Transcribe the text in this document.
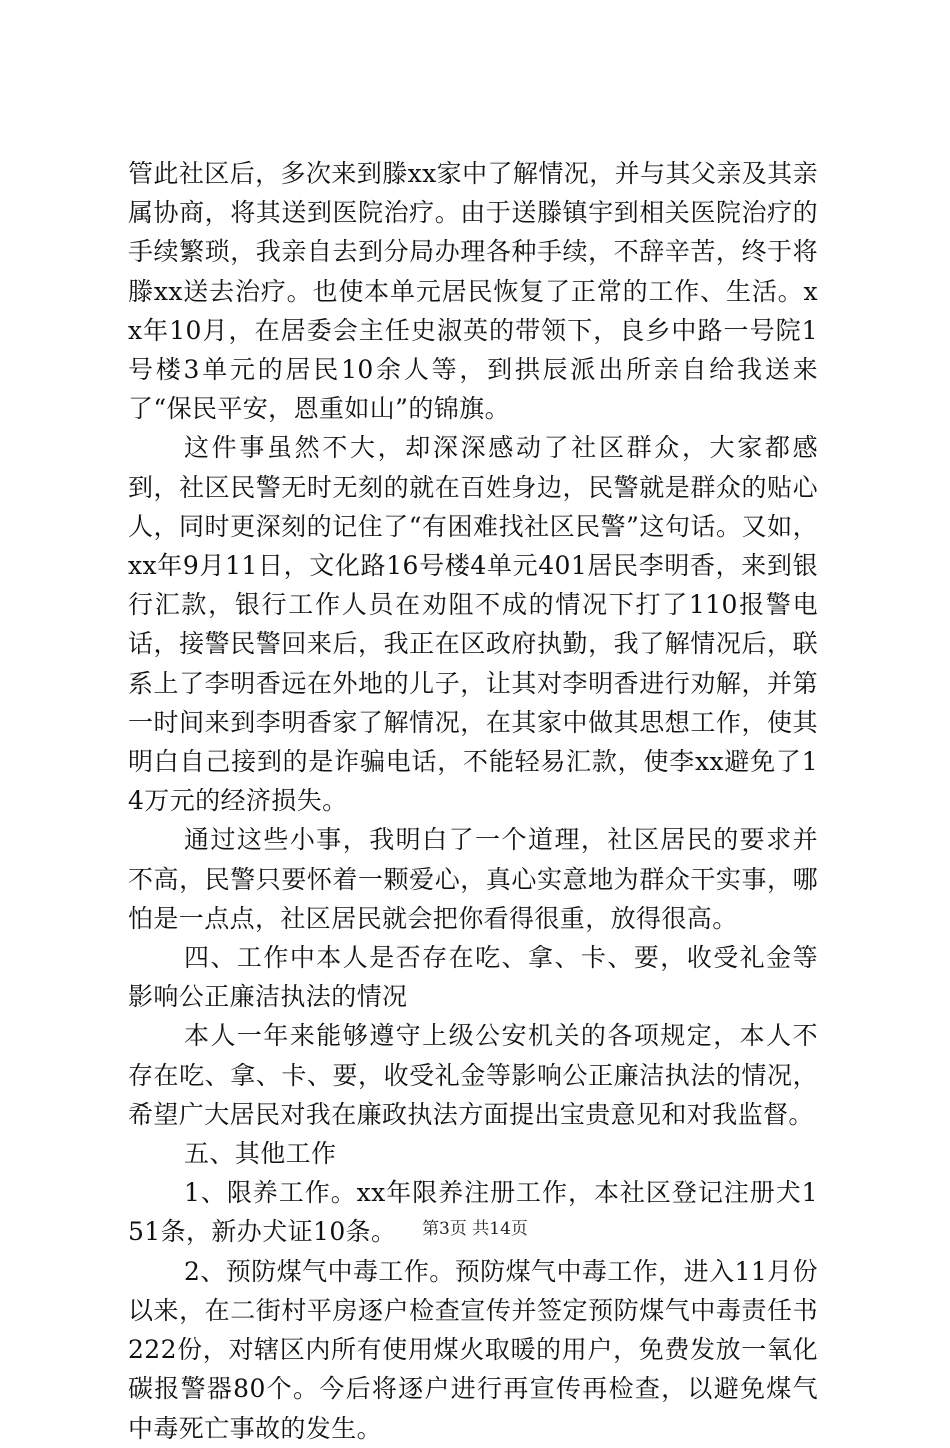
管此社区后，多次来到滕xx家中了解情况，并与其父亲及其亲属协商，将其送到医院治疗。由于送滕镇宇到相关医院治疗的手续繁琐，我亲自去到分局办理各种手续，不辞辛苦，终于将滕xx送去治疗。也使本单元居民恢复了正常的工作、生活。xx年10月，在居委会主任史淑英的带领下，良乡中路一号院1号楼3单元的居民10余人等，到拱辰派出所亲自给我送来了“保民平安，恩重如山”的锦旗。

这件事虽然不大，却深深感动了社区群众，大家都感到，社区民警无时无刻的就在百姓身边，民警就是群众的贴心人，同时更深刻的记住了“有困难找社区民警”这句话。又如，xx年9月11日，文化路16号楼4单元401居民李明香，来到银行汇款，银行工作人员在劝阻不成的情况下打了110报警电话，接警民警回来后，我正在区政府执勤，我了解情况后，联系上了李明香远在外地的儿子，让其对李明香进行劝解，并第一时间来到李明香家了解情况，在其家中做其思想工作，使其明白自己接到的是诈骗电话，不能轻易汇款，使李xx避免了14万元的经济损失。

通过这些小事，我明白了一个道理，社区居民的要求并不高，民警只要怀着一颗爱心，真心实意地为群众干实事，哪怕是一点点，社区居民就会把你看得很重，放得很高。

四、工作中本人是否存在吃、拿、卡、要，收受礼金等影响公正廉洁执法的情况

本人一年来能够遵守上级公安机关的各项规定，本人不存在吃、拿、卡、要，收受礼金等影响公正廉洁执法的情况，希望广大居民对我在廉政执法方面提出宝贵意见和对我监督。

五、其他工作

1、限养工作。xx年限养注册工作，本社区登记注册犬151条，新办犬证10条。

2、预防煤气中毒工作。预防煤气中毒工作，进入11月份以来，在二街村平房逐户检查宣传并签定预防煤气中毒责任书222份，对辖区内所有使用煤火取暖的用户，免费发放一氧化碳报警器80个。今后将逐户进行再宣传再检查，以避免煤气中毒死亡事故的发生。

第3页 共14页
